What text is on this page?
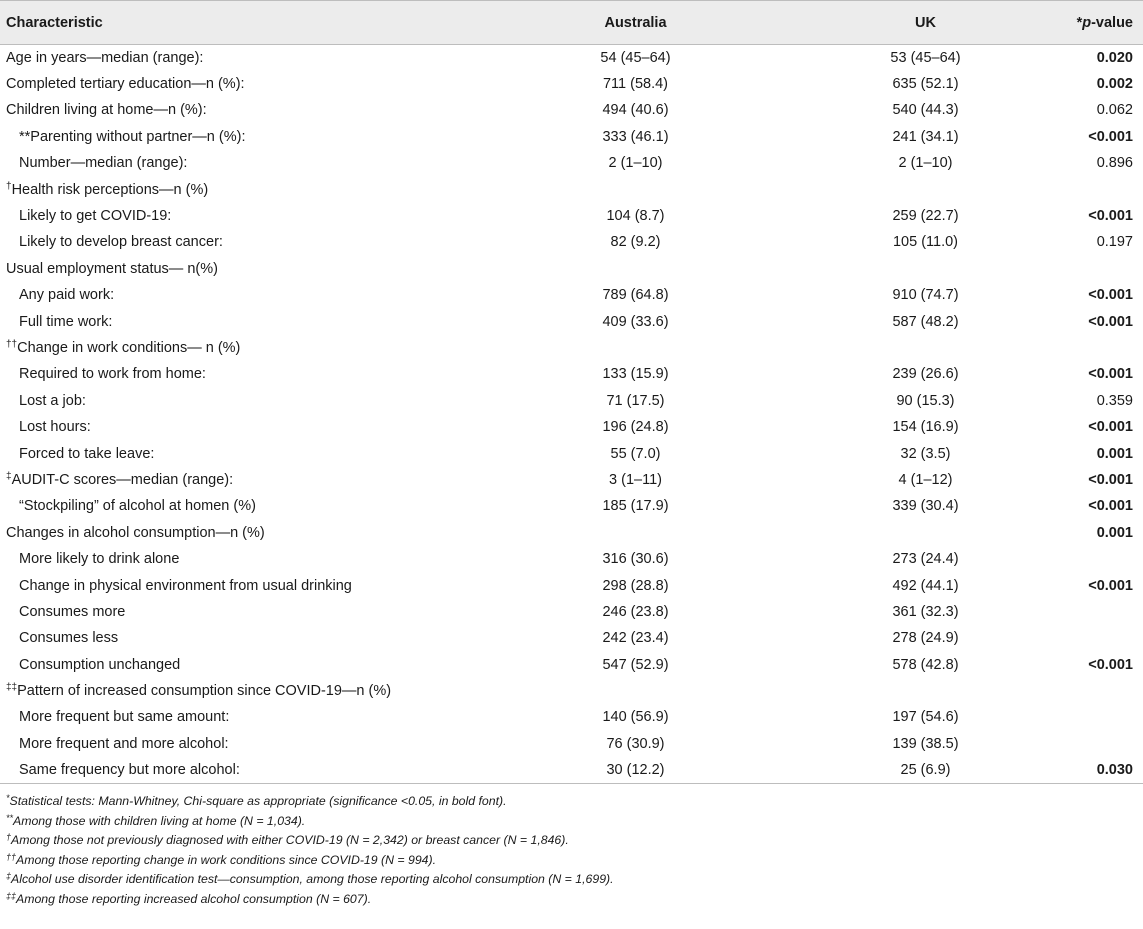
Characteristic	Australia	UK	*p-value
Age in years—median (range):	54 (45–64)	53 (45–64)	0.020
Completed tertiary education—n (%):	711 (58.4)	635 (52.1)	0.002
Children living at home—n (%):	494 (40.6)	540 (44.3)	0.062
**Parenting without partner—n (%):	333 (46.1)	241 (34.1)	<0.001
Number—median (range):	2 (1–10)	2 (1–10)	0.896
†Health risk perceptions—n (%)			
Likely to get COVID-19:	104 (8.7)	259 (22.7)	<0.001
Likely to develop breast cancer:	82 (9.2)	105 (11.0)	0.197
Usual employment status— n(%)			
Any paid work:	789 (64.8)	910 (74.7)	<0.001
Full time work:	409 (33.6)	587 (48.2)	<0.001
††Change in work conditions— n (%)			
Required to work from home:	133 (15.9)	239 (26.6)	<0.001
Lost a job:	71 (17.5)	90 (15.3)	0.359
Lost hours:	196 (24.8)	154 (16.9)	<0.001
Forced to take leave:	55 (7.0)	32 (3.5)	0.001
‡AUDIT-C scores—median (range):	3 (1–11)	4 (1–12)	<0.001
“Stockpiling” of alcohol at homen (%)	185 (17.9)	339 (30.4)	<0.001
Changes in alcohol consumption—n (%)			0.001
More likely to drink alone	316 (30.6)	273 (24.4)	
Change in physical environment from usual drinking	298 (28.8)	492 (44.1)	<0.001
Consumes more	246 (23.8)	361 (32.3)	
Consumes less	242 (23.4)	278 (24.9)	
Consumption unchanged	547 (52.9)	578 (42.8)	<0.001
‡‡Pattern of increased consumption since COVID-19—n (%)			
More frequent but same amount:	140 (56.9)	197 (54.6)	
More frequent and more alcohol:	76 (30.9)	139 (38.5)	
Same frequency but more alcohol:	30 (12.2)	25 (6.9)	0.030
*Statistical tests: Mann-Whitney, Chi-square as appropriate (significance <0.05, in bold font).
**Among those with children living at home (N = 1,034).
†Among those not previously diagnosed with either COVID-19 (N = 2,342) or breast cancer (N = 1,846).
††Among those reporting change in work conditions since COVID-19 (N = 994).
‡Alcohol use disorder identification test—consumption, among those reporting alcohol consumption (N = 1,699).
‡‡Among those reporting increased alcohol consumption (N = 607).
